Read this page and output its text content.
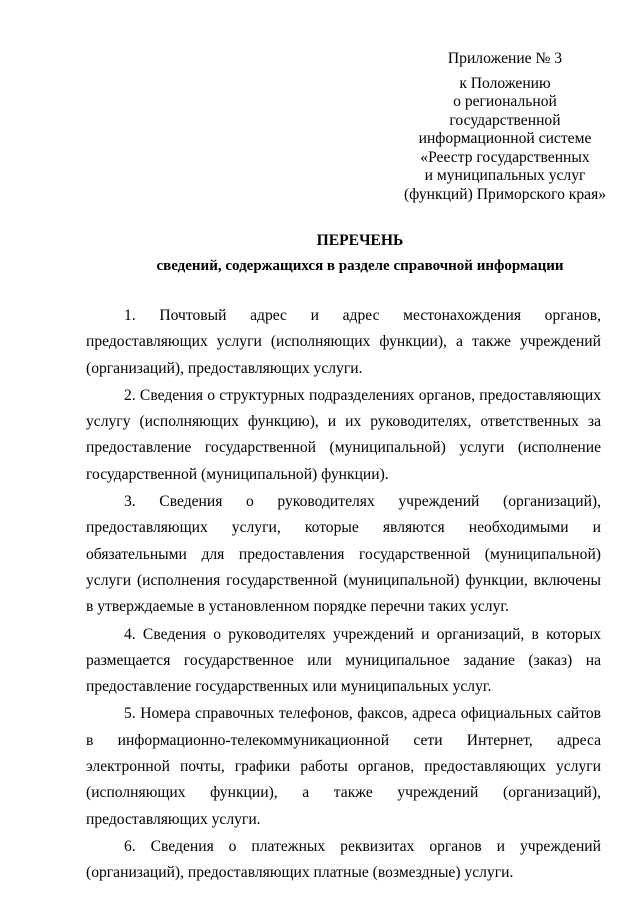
Приложение № 3
к Положению
о региональной
государственной
информационной системе
«Реестр государственных
и муниципальных услуг
(функций) Приморского края»
ПЕРЕЧЕНЬ
сведений, содержащихся в разделе справочной информации

1. Почтовый адрес и адрес местонахождения органов, предоставляющих услуги (исполняющих функции), а также учреждений (организаций), предоставляющих услуги.

2. Сведения о структурных подразделениях органов, предоставляющих услугу (исполняющих функцию), и их руководителях, ответственных за предоставление государственной (муниципальной) услуги (исполнение государственной (муниципальной) функции).

3. Сведения о руководителях учреждений (организаций), предоставляющих услуги, которые являются необходимыми и обязательными для предоставления государственной (муниципальной) услуги (исполнения государственной (муниципальной) функции, включены в утверждаемые в установленном порядке перечни таких услуг.

4. Сведения о руководителях учреждений и организаций, в которых размещается государственное или муниципальное задание (заказ) на предоставление государственных или муниципальных услуг.

5. Номера справочных телефонов, факсов, адреса официальных сайтов в информационно-телекоммуникационной сети Интернет, адреса электронной почты, графики работы органов, предоставляющих услуги (исполняющих функции), а также учреждений (организаций), предоставляющих услуги.

6. Сведения о платежных реквизитах органов и учреждений (организаций), предоставляющих платные (возмездные) услуги.
